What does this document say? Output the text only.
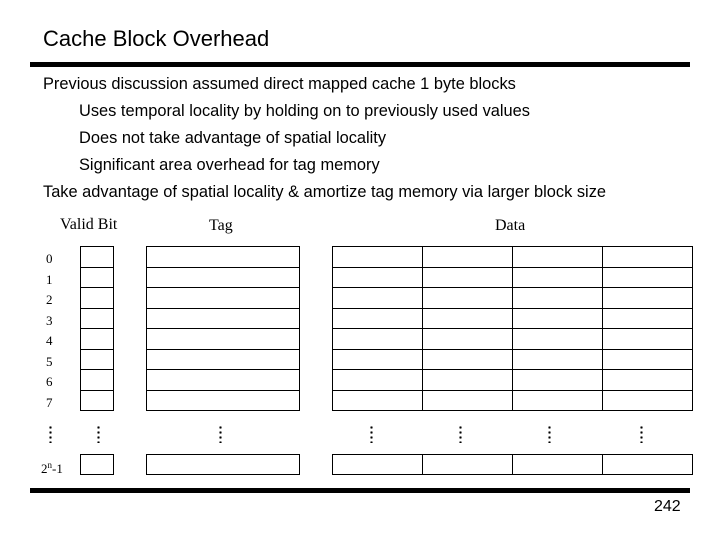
Cache Block Overhead
Previous discussion assumed direct mapped cache 1 byte blocks
Uses temporal locality by holding on to previously used values
Does not take advantage of spatial locality
Significant area overhead for tag memory
Take advantage of spatial locality & amortize tag memory via larger block size
Valid Bit	Tag	Data
2$^n$-1
0
1
2
3
4
5
6
7
242
